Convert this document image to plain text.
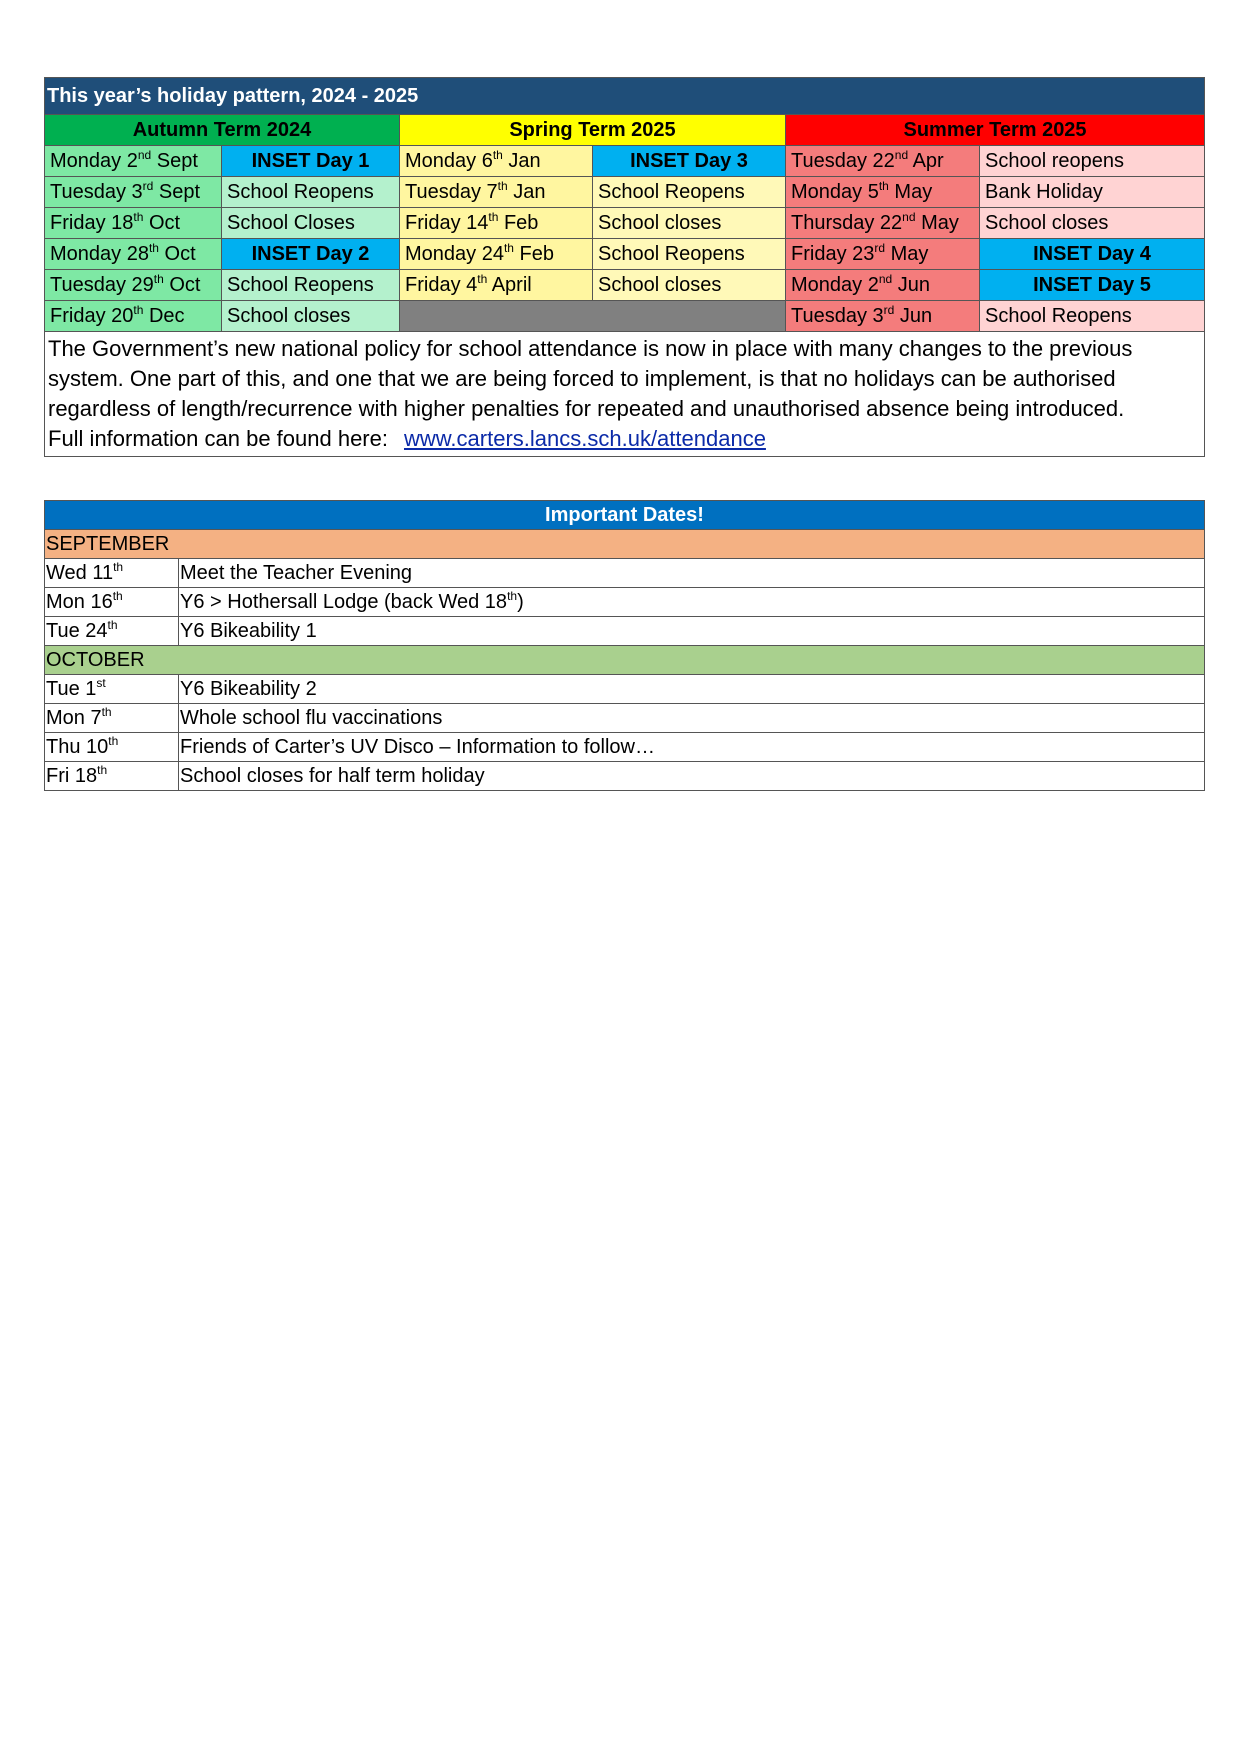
This year’s holiday pattern, 2024 - 2025					
Autumn Term 2024		Spring Term 2025		Summer Term 2025	
Monday 2nd Sept	INSET Day 1	Monday 6th Jan	INSET Day 3	Tuesday 22nd Apr	School reopens
Tuesday 3rd Sept	School Reopens	Tuesday 7th Jan	School Reopens	Monday 5th May	Bank Holiday
Friday 18th Oct	School Closes	Friday 14th Feb	School closes	Thursday 22nd May	School closes
Monday 28th Oct	INSET Day 2	Monday 24th Feb	School Reopens	Friday 23rd May	INSET Day 4
Tuesday 29th Oct	School Reopens	Friday 4th April	School closes	Monday 2nd Jun	INSET Day 5
Friday 20th Dec	School closes			Tuesday 3rd Jun	School Reopens
The Government’s new national policy for school attendance is now in place with many changes to the previous system. One part of this, and one that we are being forced to implement, is that no holidays can be authorised regardless of length/recurrence with higher penalties for repeated and unauthorised absence being introduced.
Full information can be found here: www.carters.lancs.sch.uk/attendance					
Important Dates!	
SEPTEMBER	
Wed 11th	Meet the Teacher Evening
Mon 16th	Y6 > Hothersall Lodge (back Wed 18th)
Tue 24th	Y6 Bikeability 1
OCTOBER	
Tue 1st	Y6 Bikeability 2
Mon 7th	Whole school flu vaccinations
Thu 10th	Friends of Carter’s UV Disco – Information to follow…
Fri 18th	School closes for half term holiday
